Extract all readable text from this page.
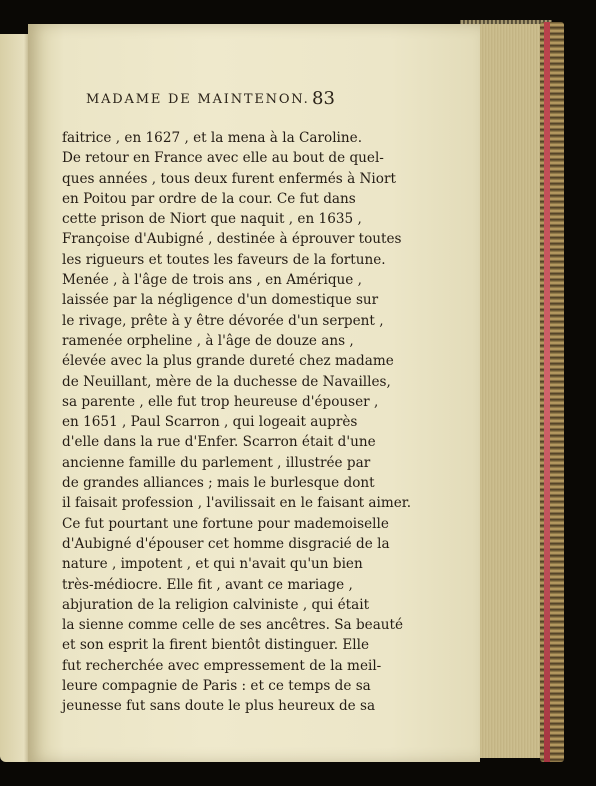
MADAME DE MAINTENON. 83
faitrice , en 1627 , et la mena à la Caroline.
De retour en France avec elle au bout de quel-
ques années , tous deux furent enfermés à Niort
en Poitou par ordre de la cour. Ce fut dans
cette prison de Niort que naquit , en 1635 ,
Françoise d'Aubigné , destinée à éprouver toutes
les rigueurs et toutes les faveurs de la fortune.
Menée , à l'âge de trois ans , en Amérique ,
laissée par la négligence d'un domestique sur
le rivage, prête à y être dévorée d'un serpent ,
ramenée orpheline , à l'âge de douze ans ,
élevée avec la plus grande dureté chez madame
de Neuillant, mère de la duchesse de Navailles,
sa parente , elle fut trop heureuse d'épouser ,
en 1651 , Paul Scarron , qui logeait auprès
d'elle dans la rue d'Enfer. Scarron était d'une
ancienne famille du parlement , illustrée par
de grandes alliances ; mais le burlesque dont
il faisait profession , l'avilissait en le faisant aimer.
Ce fut pourtant une fortune pour mademoiselle
d'Aubigné d'épouser cet homme disgracié de la
nature , impotent , et qui n'avait qu'un bien
très-médiocre. Elle fit , avant ce mariage ,
abjuration de la religion calviniste , qui était
la sienne comme celle de ses ancêtres. Sa beauté
et son esprit la firent bientôt distinguer. Elle
fut recherchée avec empressement de la meil-
leure compagnie de Paris : et ce temps de sa
jeunesse fut sans doute le plus heureux de sa
